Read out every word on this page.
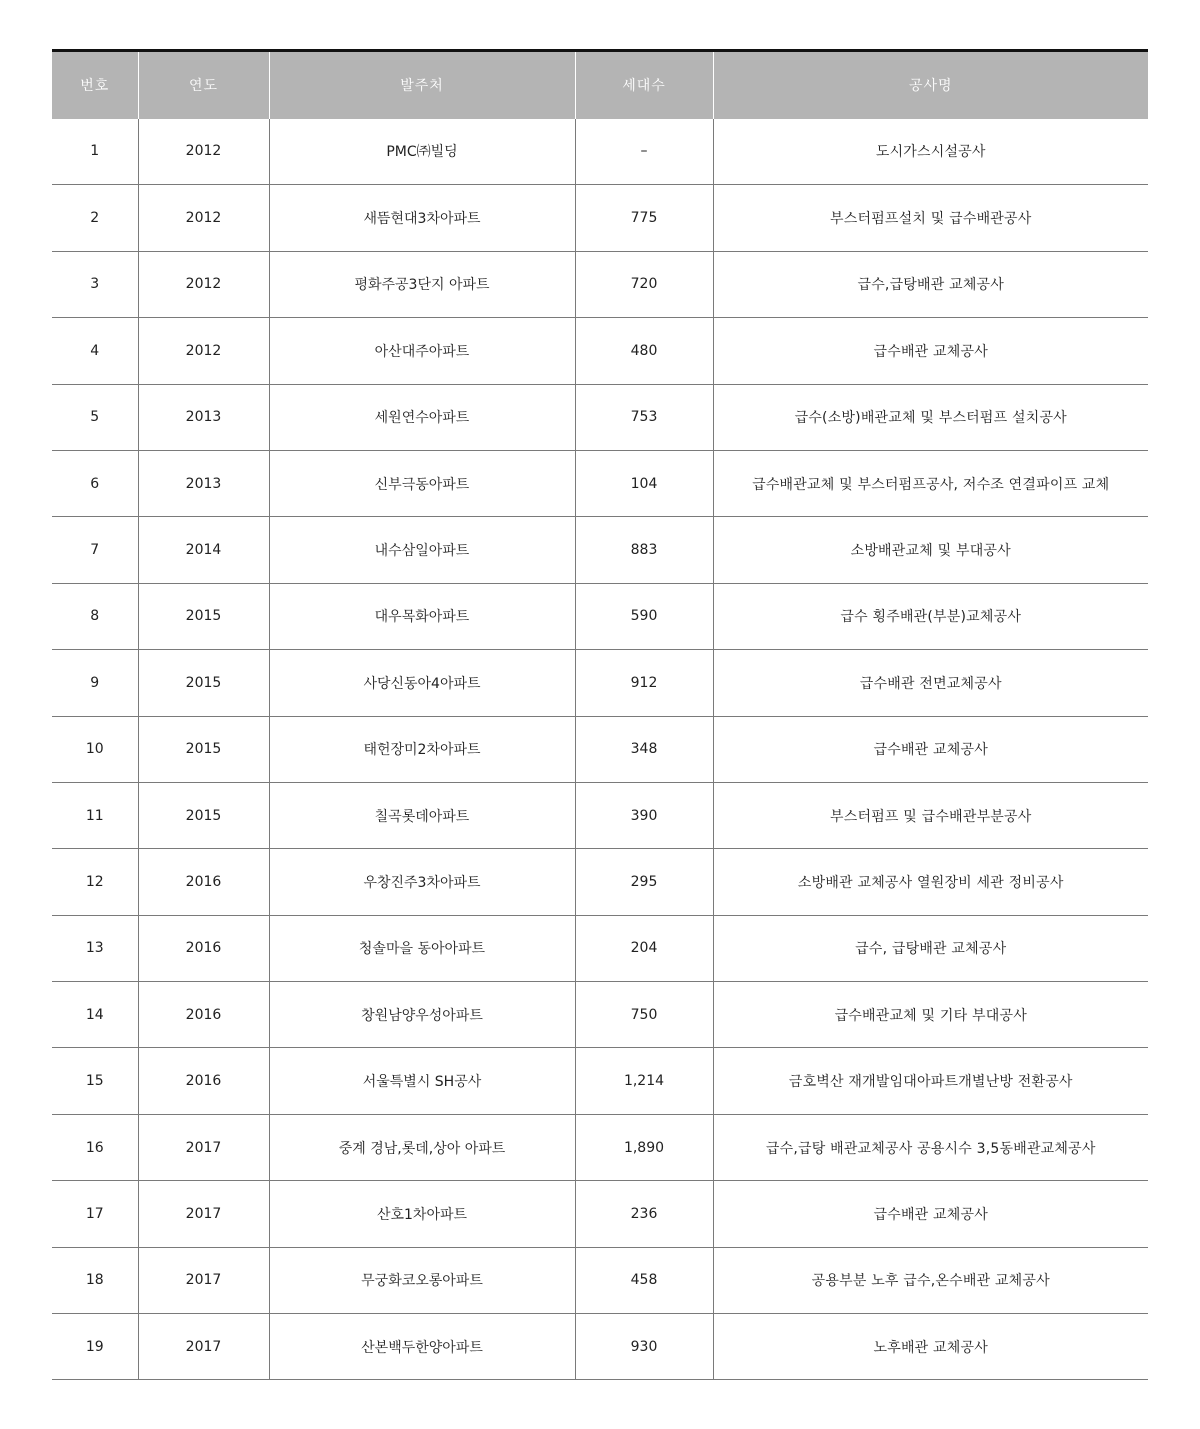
번호	연도	발주처	세대수	공사명
1	2012	PMC㈜빌딩	–	도시가스시설공사
2	2012	새뜸현대3차아파트	775	부스터펌프설치 및 급수배관공사
3	2012	평화주공3단지 아파트	720	급수,급탕배관 교체공사
4	2012	아산대주아파트	480	급수배관 교체공사
5	2013	세원연수아파트	753	급수(소방)배관교체 및 부스터펌프 설치공사
6	2013	신부극동아파트	104	급수배관교체 및 부스터펌프공사, 저수조 연결파이프 교체
7	2014	내수삼일아파트	883	소방배관교체 및 부대공사
8	2015	대우목화아파트	590	급수 횡주배관(부분)교체공사
9	2015	사당신동아4아파트	912	급수배관 전면교체공사
10	2015	태헌장미2차아파트	348	급수배관 교체공사
11	2015	칠곡롯데아파트	390	부스터펌프 및 급수배관부분공사
12	2016	우창진주3차아파트	295	소방배관 교체공사 열원장비 세관 정비공사
13	2016	청솔마을 동아아파트	204	급수, 급탕배관 교체공사
14	2016	창원남양우성아파트	750	급수배관교체 및 기타 부대공사
15	2016	서울특별시 SH공사	1,214	금호벽산 재개발임대아파트개별난방 전환공사
16	2017	중계 경남,롯데,상아 아파트	1,890	급수,급탕 배관교체공사 공용시수 3,5동배관교체공사
17	2017	산호1차아파트	236	급수배관 교체공사
18	2017	무궁화코오롱아파트	458	공용부분 노후 급수,온수배관 교체공사
19	2017	산본백두한양아파트	930	노후배관 교체공사
